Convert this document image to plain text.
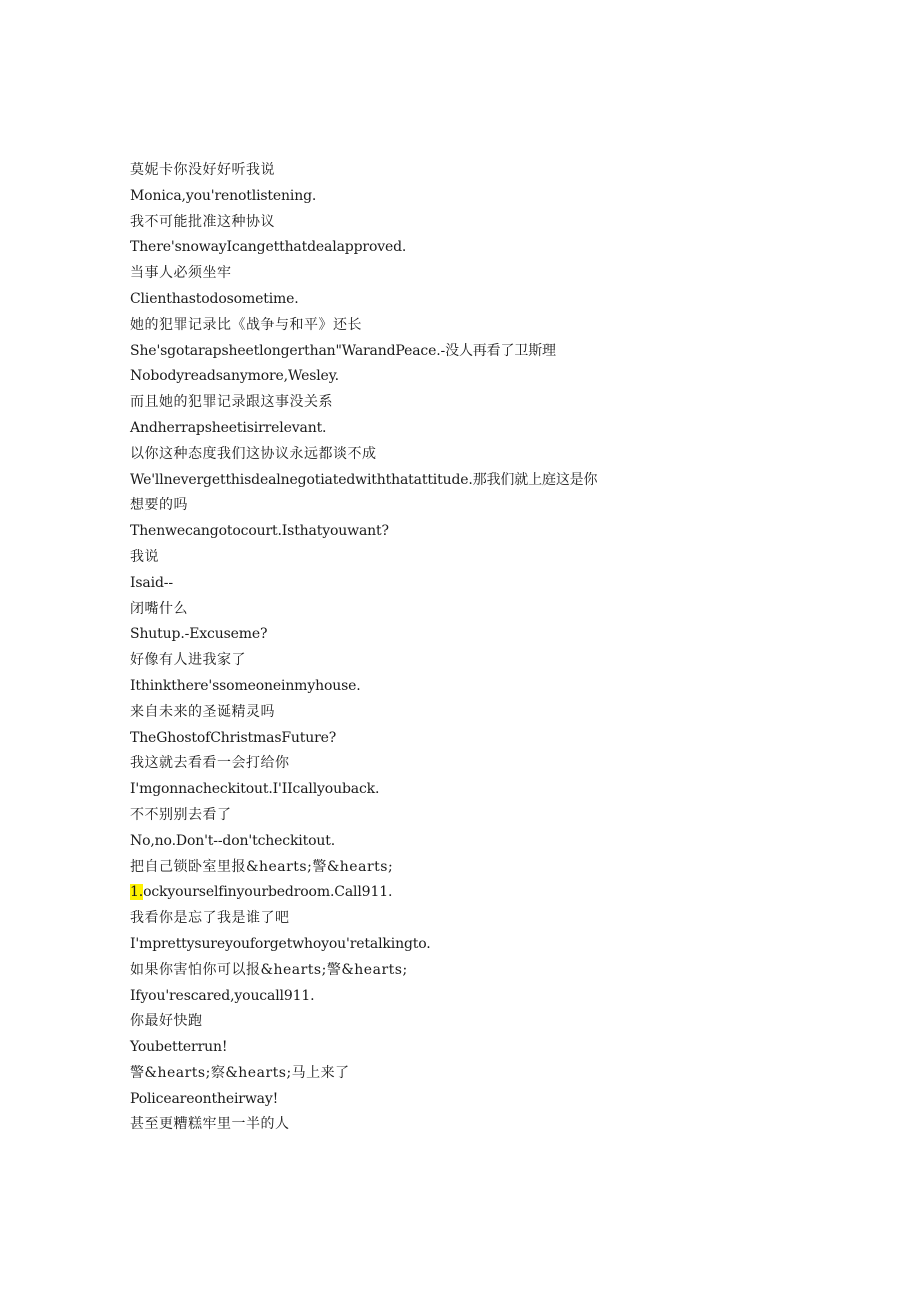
莫妮卡你没好好听我说
Monica,you'renotlistening.
我不可能批准这种协议
There'snowayIcangetthatdealapproved.
当事人必须坐牢
Clienthastodosometime.
她的犯罪记录比《战争与和平》还长
She'sgotarapsheetlongerthan"WarandPeace.-没人再看了卫斯理
Nobodyreadsanymore,Wesley.
而且她的犯罪记录跟这事没关系
Andherrapsheetisirrelevant.
以你这种态度我们这协议永远都谈不成
We'llnevergetthisdealnegotiatedwiththatattitude.那我们就上庭这是你
想要的吗
Thenwecangotocourt.Isthatyouwant?
我说
Isaid--
闭嘴什么
Shutup.-Excuseme?
好像有人进我家了
Ithinkthere'ssomeoneinmyhouse.
来自未来的圣诞精灵吗
TheGhostofChristmasFuture?
我这就去看看一会打给你
I'mgonnacheckitout.I'IIcallyouback.
不不别别去看了
No,no.Don't--don'tcheckitout.
把自己锁卧室里报&hearts;警&hearts;
1.ockyourselfinyourbedroom.Call911.
我看你是忘了我是谁了吧
I'mprettysureyouforgetwhoyou'retalkingto.
如果你害怕你可以报&hearts;警&hearts;
Ifyou'rescared,youcall911.
你最好快跑
Youbetterrun!
警&hearts;察&hearts;马上来了
Policeareontheirway!
甚至更糟糕牢里一半的人
